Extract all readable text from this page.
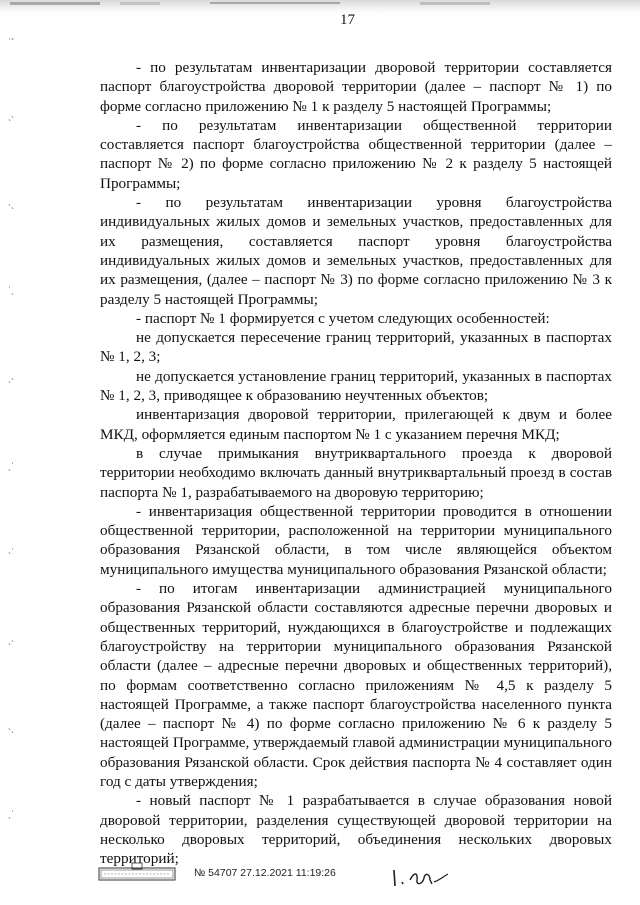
˙˚
ˎ˴
˴ˎ
˙ˎ
ˎ˴
ˎ˙
˴˙
ˎ˴
˴ˎ
ˎ˙
17

- по результатам инвентаризации дворовой территории составляется паспорт благоустройства дворовой территории (далее – паспорт № 1) по форме согласно приложению № 1 к разделу 5 настоящей Программы;

- по результатам инвентаризации общественной территории составляется паспорт благоустройства общественной территории (далее – паспорт № 2) по форме согласно приложению № 2 к разделу 5 настоящей Программы;

- по результатам инвентаризации уровня благоустройства индивидуальных жилых домов и земельных участков, предоставленных для их размещения, составляется паспорт уровня благоустройства индивидуальных жилых домов и земельных участков, предоставленных для их размещения, (далее – паспорт № 3) по форме согласно приложению № 3 к разделу 5 настоящей Программы;

- паспорт № 1 формируется с учетом следующих особенностей:

не допускается пересечение границ территорий, указанных в паспортах № 1, 2, 3;

не допускается установление границ территорий, указанных в паспортах № 1, 2, 3, приводящее к образованию неучтенных объектов;

инвентаризация дворовой территории, прилегающей к двум и более МКД, оформляется единым паспортом № 1 с указанием перечня МКД;

в случае примыкания внутриквартального проезда к дворовой территории необходимо включать данный внутриквартальный проезд в состав паспорта № 1, разрабатываемого на дворовую территорию;

- инвентаризация общественной территории проводится в отношении общественной территории, расположенной на территории муниципального образования Рязанской области, в том числе являющейся объектом муниципального имущества муниципального образования Рязанской области;

- по итогам инвентаризации администрацией муниципального образования Рязанской области составляются адресные перечни дворовых и общественных территорий, нуждающихся в благоустройстве и подлежащих благоустройству на территории муниципального образования Рязанской области (далее – адресные перечни дворовых и общественных территорий), по формам соответственно согласно приложениям № 4,5 к разделу 5 настоящей Программе, а также паспорт благоустройства населенного пункта (далее – паспорт № 4) по форме согласно приложению № 6 к разделу 5 настоящей Программе, утверждаемый главой администрации муниципального образования Рязанской области. Срок действия паспорта № 4 составляет один год с даты утверждения;

- новый паспорт № 1 разрабатывается в случае образования новой дворовой территории, разделения существующей дворовой территории на несколько дворовых территорий, объединения нескольких дворовых территорий;

№ 54707 27.12.2021 11:19:26
